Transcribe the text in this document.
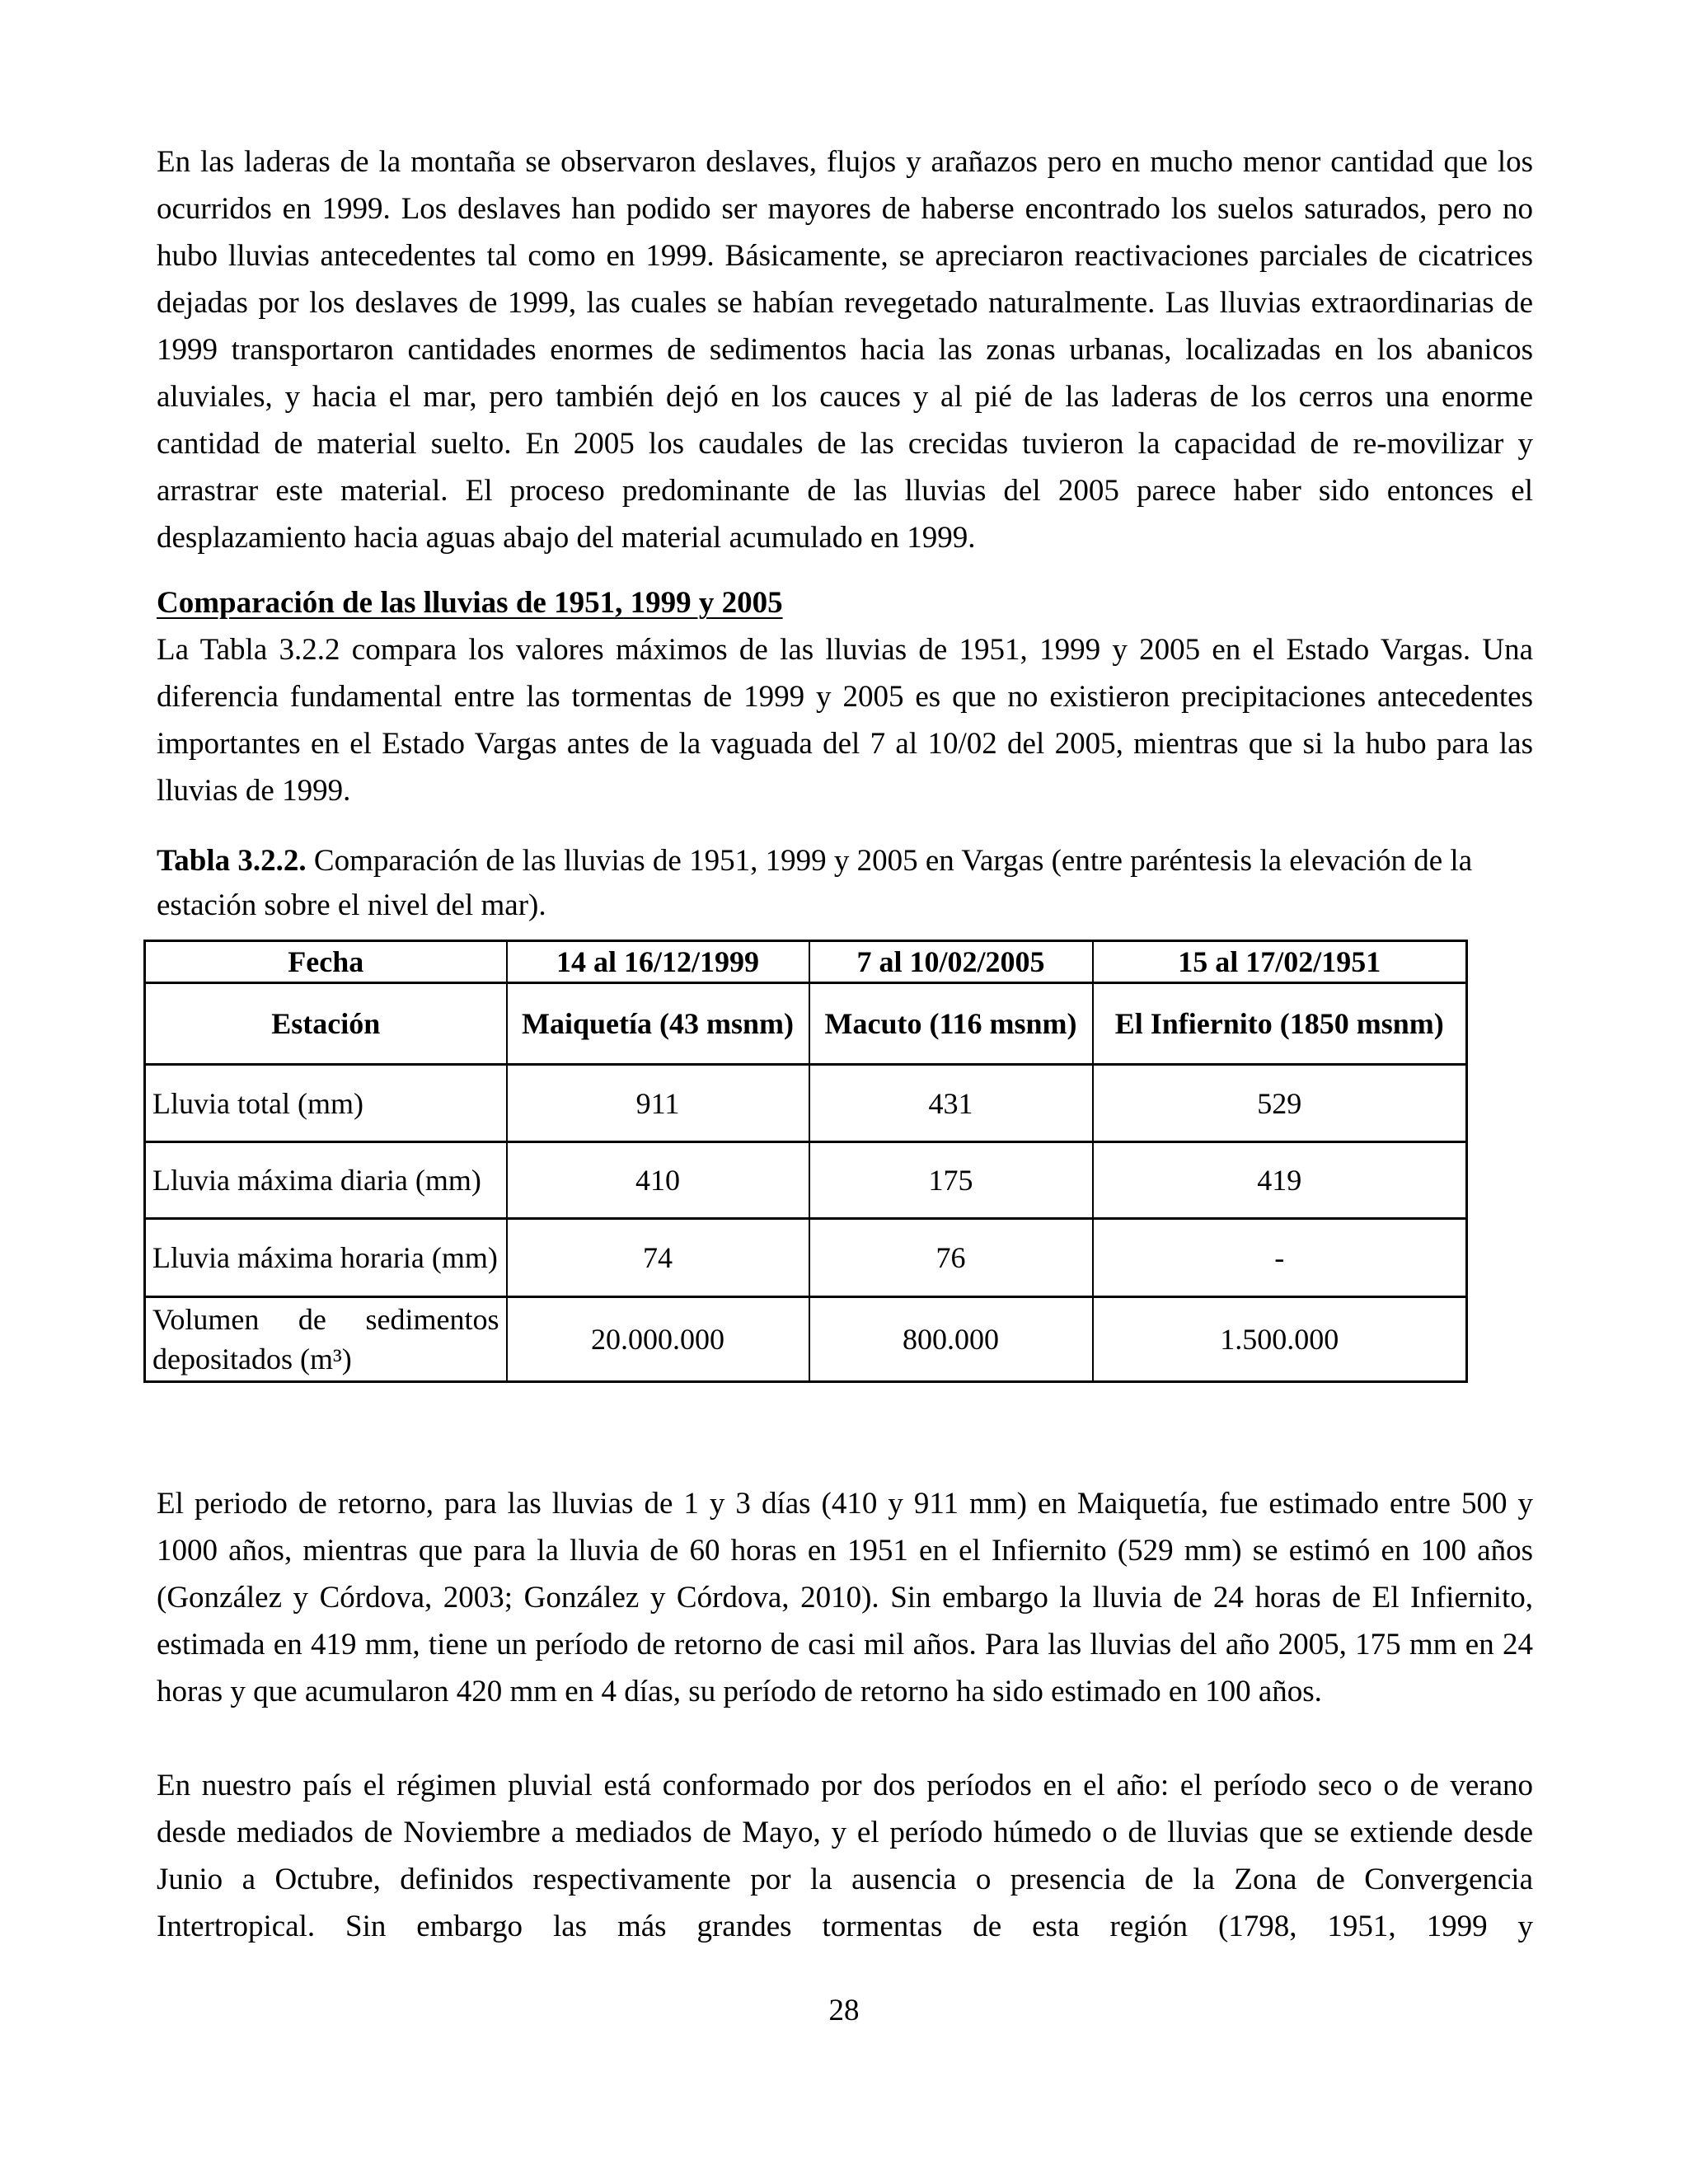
En las laderas de la montaña se observaron deslaves, flujos y arañazos pero en mucho menor cantidad que los ocurridos en 1999. Los deslaves han podido ser mayores de haberse encontrado los suelos saturados, pero no hubo lluvias antecedentes tal como en 1999. Básicamente, se apreciaron reactivaciones parciales de cicatrices dejadas por los deslaves de 1999, las cuales se habían revegetado naturalmente. Las lluvias extraordinarias de 1999 transportaron cantidades enormes de sedimentos hacia las zonas urbanas, localizadas en los abanicos aluviales, y hacia el mar, pero también dejó en los cauces y al pié de las laderas de los cerros una enorme cantidad de material suelto. En 2005 los caudales de las crecidas tuvieron la capacidad de re-movilizar y arrastrar este material. El proceso predominante de las lluvias del 2005 parece haber sido entonces el desplazamiento hacia aguas abajo del material acumulado en 1999.

Comparación de las lluvias de 1951, 1999 y 2005

La Tabla 3.2.2 compara los valores máximos de las lluvias de 1951, 1999 y 2005 en el Estado Vargas. Una diferencia fundamental entre las tormentas de 1999 y 2005 es que no existieron precipitaciones antecedentes importantes en el Estado Vargas antes de la vaguada del 7 al 10/02 del 2005, mientras que si la hubo para las lluvias de 1999.

Tabla 3.2.2. Comparación de las lluvias de 1951, 1999 y 2005 en Vargas (entre paréntesis la elevación de la estación sobre el nivel del mar).

Fecha	14 al 16/12/1999	7 al 10/02/2005	15 al 17/02/1951
Estación	Maiquetía (43 msnm)	Macuto (116 msnm)	El Infiernito (1850 msnm)
Lluvia total (mm)	911	431	529
Lluvia máxima diaria (mm)	410	175	419
Lluvia máxima horaria (mm)	74	76	-
Volumen de sedimentos depositados (m³)	20.000.000	800.000	1.500.000

El periodo de retorno, para las lluvias de 1 y 3 días (410 y 911 mm) en Maiquetía, fue estimado entre 500 y 1000 años, mientras que para la lluvia de 60 horas en 1951 en el Infiernito (529 mm) se estimó en 100 años (González y Córdova, 2003; González y Córdova, 2010). Sin embargo la lluvia de 24 horas de El Infiernito, estimada en 419 mm, tiene un período de retorno de casi mil años. Para las lluvias del año 2005, 175 mm en 24 horas y que acumularon 420 mm en 4 días, su período de retorno ha sido estimado en 100 años.

En nuestro país el régimen pluvial está conformado por dos períodos en el año: el período seco o de verano desde mediados de Noviembre a mediados de Mayo, y el período húmedo o de lluvias que se extiende desde Junio a Octubre, definidos respectivamente por la ausencia o presencia de la Zona de Convergencia Intertropical. Sin embargo las más grandes tormentas de esta región (1798, 1951, 1999 y

28
